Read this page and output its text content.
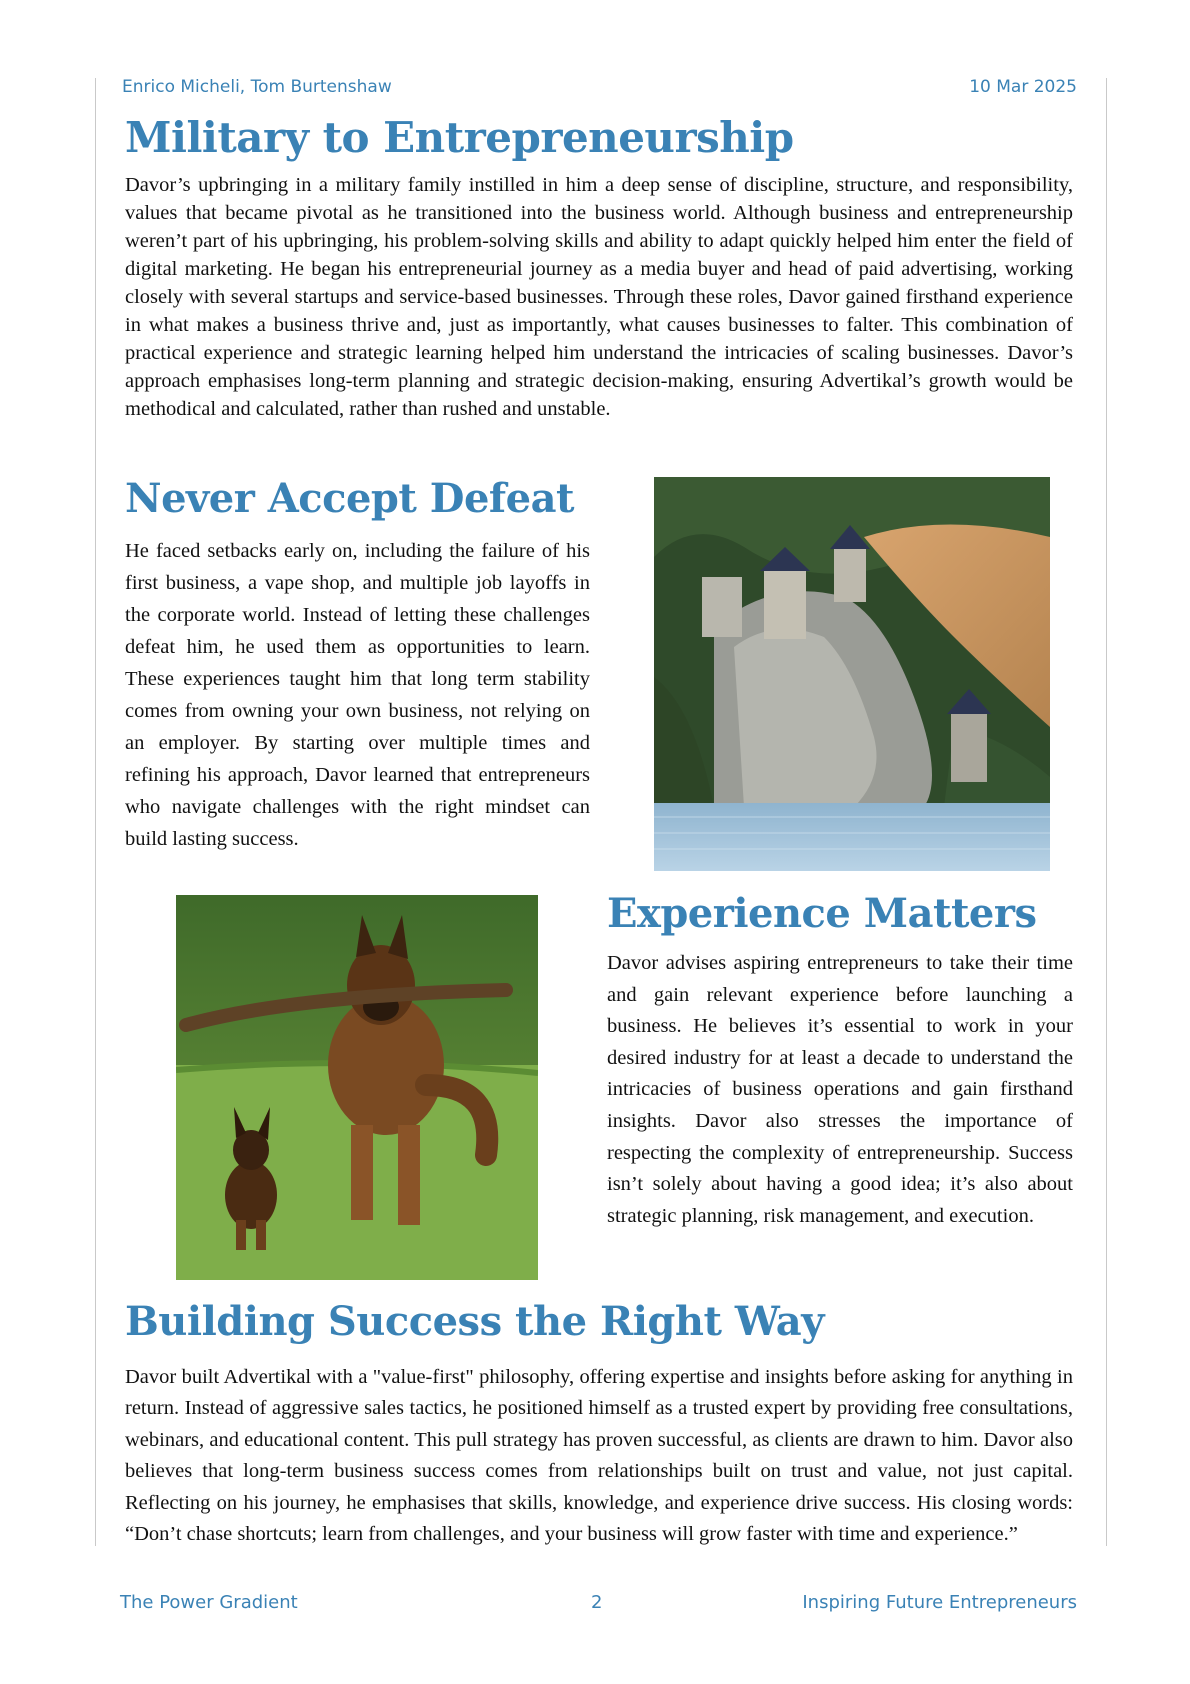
Enrico Micheli, Tom Burtenshaw	10 Mar 2025
Military to Entrepreneurship

Davor’s upbringing in a military family instilled in him a deep sense of discipline, structure, and responsibility, values that became pivotal as he transitioned into the business world. Although business and entrepreneurship weren’t part of his upbringing, his problem-solving skills and ability to adapt quickly helped him enter the field of digital marketing. He began his entrepreneurial journey as a media buyer and head of paid advertising, working closely with several startups and service-based businesses. Through these roles, Davor gained firsthand experience in what makes a business thrive and, just as importantly, what causes businesses to falter. This combination of practical experience and strategic learning helped him understand the intricacies of scaling businesses. Davor’s approach emphasises long-term planning and strategic decision-making, ensuring Advertikal’s growth would be methodical and calculated, rather than rushed and unstable.

Never Accept Defeat

He faced setbacks early on, including the failure of his first business, a vape shop, and multiple job layoffs in the corporate world. Instead of letting these challenges defeat him, he used them as opportunities to learn. These experiences taught him that long term stability comes from owning your own business, not relying on an employer. By starting over multiple times and refining his approach, Davor learned that entrepreneurs who navigate challenges with the right mindset can build lasting success.

Experience Matters

Davor advises aspiring entrepreneurs to take their time and gain relevant experience before launching a business. He believes it’s essential to work in your desired industry for at least a decade to understand the intricacies of business operations and gain firsthand insights. Davor also stresses the importance of respecting the complexity of entrepreneurship. Success isn’t solely about having a good idea; it’s also about strategic planning, risk management, and execution.

Building Success the Right Way

Davor built Advertikal with a "value-first" philosophy, offering expertise and insights before asking for anything in return. Instead of aggressive sales tactics, he positioned himself as a trusted expert by providing free consultations, webinars, and educational content. This pull strategy has proven successful, as clients are drawn to him. Davor also believes that long-term business success comes from relationships built on trust and value, not just capital. Reflecting on his journey, he emphasises that skills, knowledge, and experience drive success. His closing words: “Don’t chase shortcuts; learn from challenges, and your business will grow faster with time and experience.”

The Power Gradient	2	Inspiring Future Entrepreneurs
